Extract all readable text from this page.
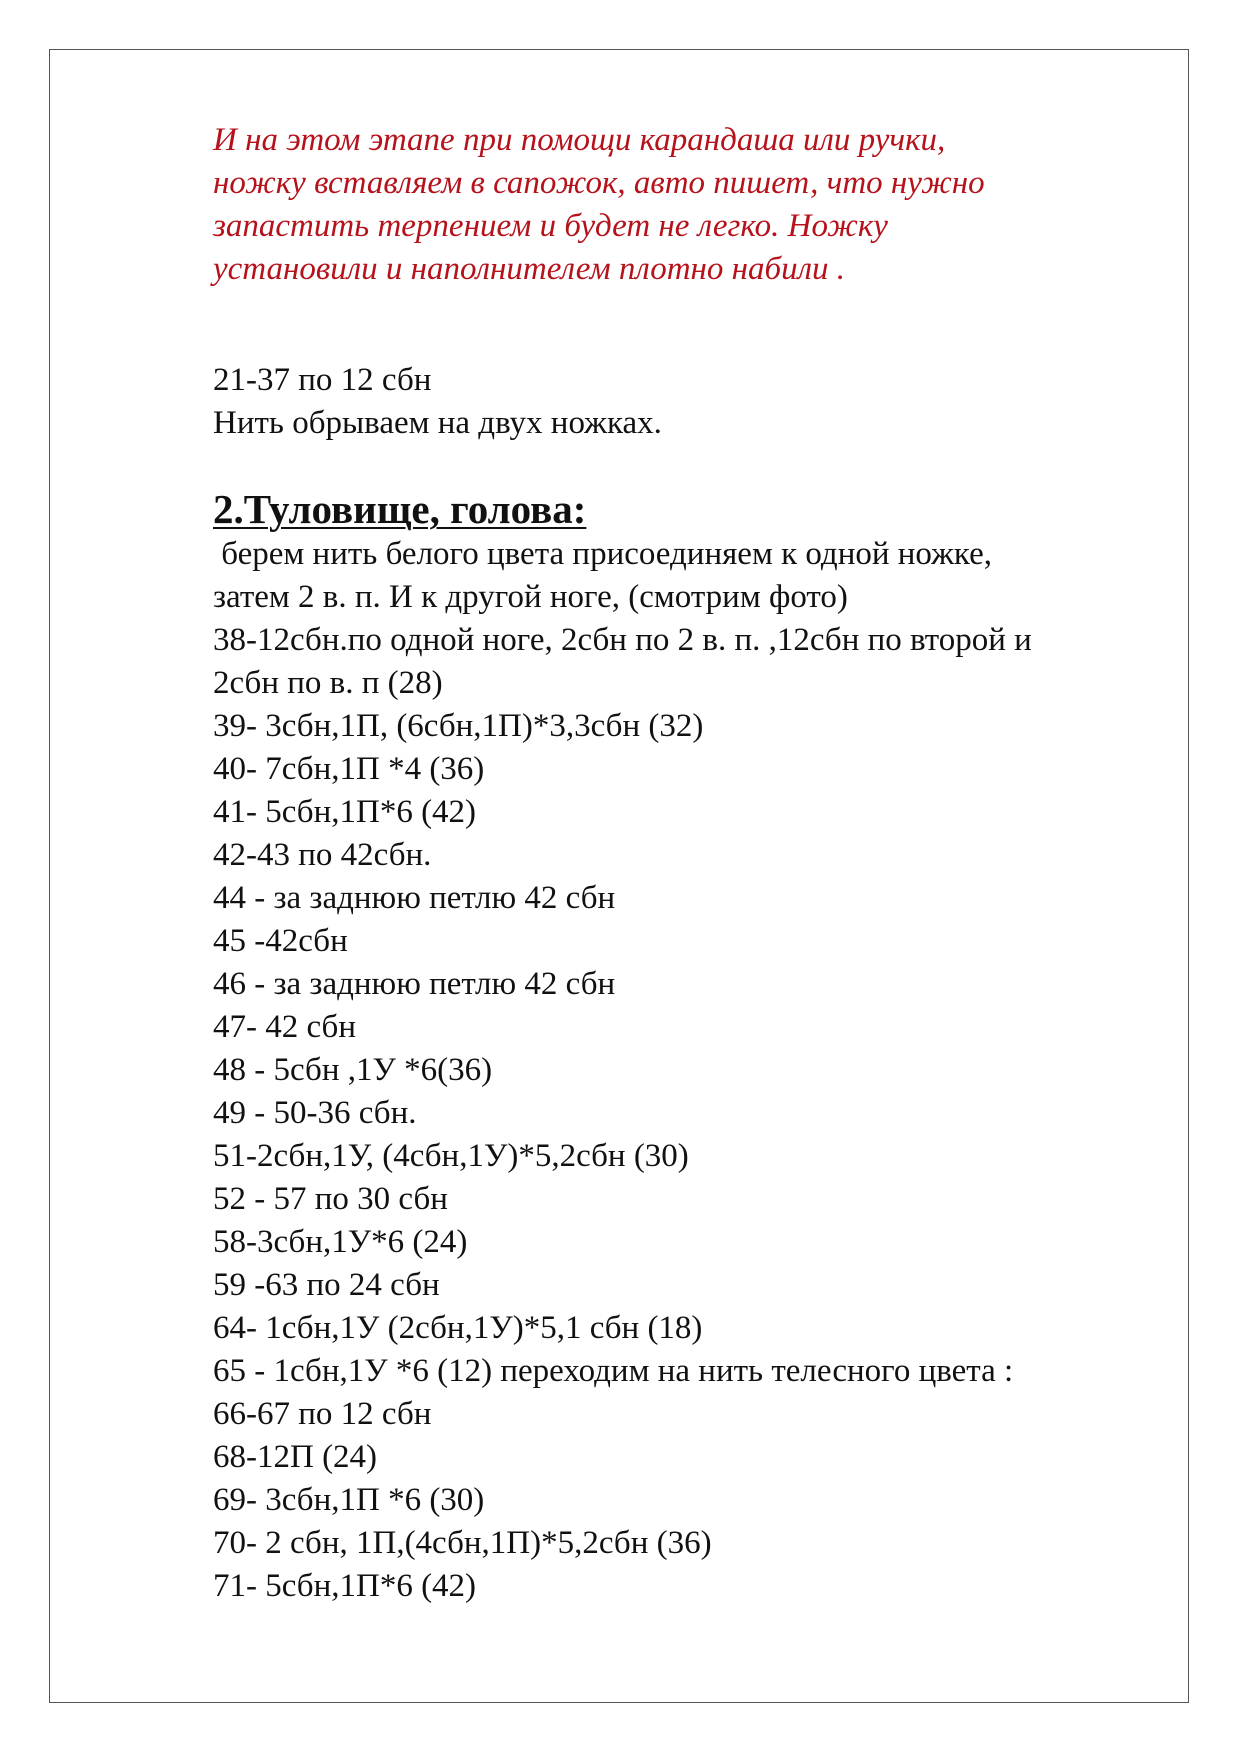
И на этом этапе при помощи карандаша или ручки,
ножку вставляем в сапожок, авто пишет, что нужно
запастить терпением и будет не легко. Ножку
установили и наполнителем плотно набили .

21-37 по 12 сбн
Нить обрываем на двух ножках.
2.Туловище, голова:
берем нить белого цвета присоединяем к одной ножке,
затем 2 в. п. И к другой ноге, (смотрим фото)
38-12сбн.по одной ноге, 2сбн по 2 в. п. ,12сбн по второй и
2сбн по в. п (28)
39- 3сбн,1П, (6сбн,1П)*3,3сбн (32)
40- 7сбн,1П *4 (36)
41- 5сбн,1П*6 (42)
42-43 по 42сбн.
44 - за заднюю петлю 42 сбн
45 -42сбн
46 - за заднюю петлю 42 сбн
47- 42 сбн
48 - 5сбн ,1У *6(36)
49 - 50-36 сбн.
51-2сбн,1У, (4сбн,1У)*5,2сбн (30)
52 - 57 по 30 сбн
58-3сбн,1У*6 (24)
59 -63 по 24 сбн
64- 1сбн,1У (2сбн,1У)*5,1 сбн (18)
65 - 1сбн,1У *6 (12) переходим на нить телесного цвета :
66-67 по 12 сбн
68-12П (24)
69- 3сбн,1П *6 (30)
70- 2 сбн, 1П,(4сбн,1П)*5,2сбн (36)
71- 5сбн,1П*6 (42)
